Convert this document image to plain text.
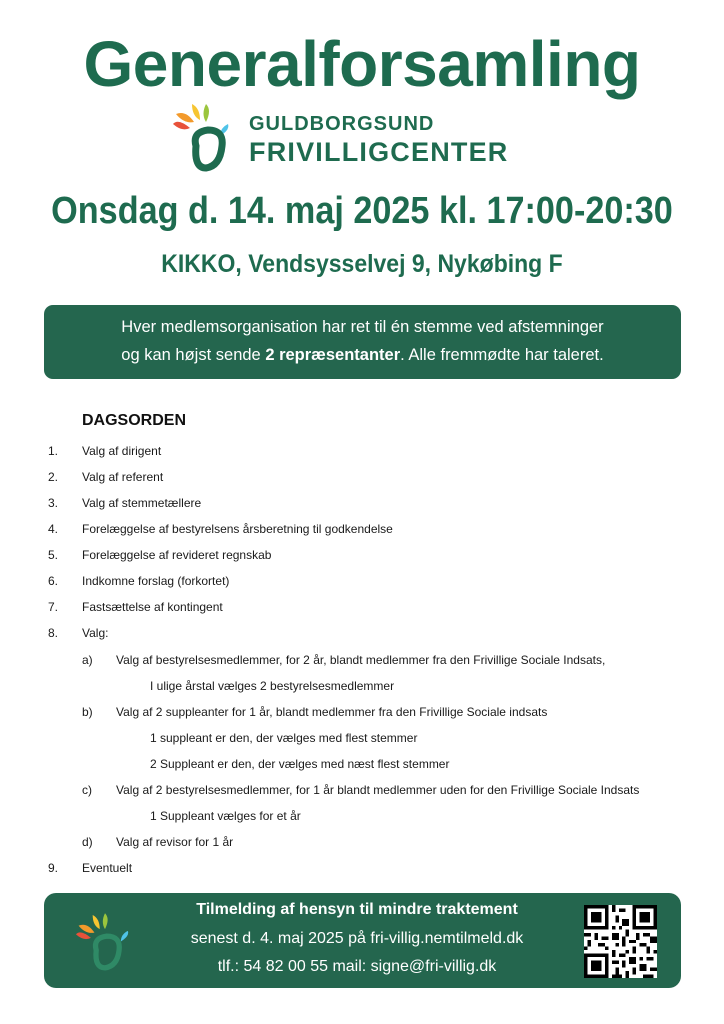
Generalforsamling
GULDBORGSUND
FRIVILLIGCENTER
Onsdag d. 14. maj 2025 kl. 17:00-20:30
KIKKO, Vendsysselvej 9, Nykøbing F
Hver medlemsorganisation har ret til én stemme ved afstemninger
og kan højst sende 2 repræsentanter. Alle fremmødte har taleret.
DAGSORDEN
1. Valg af dirigent
2. Valg af referent
3. Valg af stemmetællere
4. Forelæggelse af bestyrelsens årsberetning til godkendelse
5. Forelæggelse af revideret regnskab
6. Indkomne forslag (forkortet)
7. Fastsættelse af kontingent
8. Valg:
a) Valg af bestyrelsesmedlemmer, for 2 år, blandt medlemmer fra den Frivillige Sociale Indsats,
I ulige årstal vælges 2 bestyrelsesmedlemmer
b) Valg af 2 suppleanter for 1 år, blandt medlemmer fra den Frivillige Sociale indsats
1 suppleant er den, der vælges med flest stemmer
2 Suppleant er den, der vælges med næst flest stemmer
c) Valg af 2 bestyrelsesmedlemmer, for 1 år blandt medlemmer uden for den Frivillige Sociale Indsats
1 Suppleant vælges for et år
d) Valg af revisor for 1 år
9. Eventuelt
Tilmelding af hensyn til mindre traktement
senest d. 4. maj 2025 på fri-villig.nemtilmeld.dk
tlf.: 54 82 00 55 mail: signe@fri-villig.dk
